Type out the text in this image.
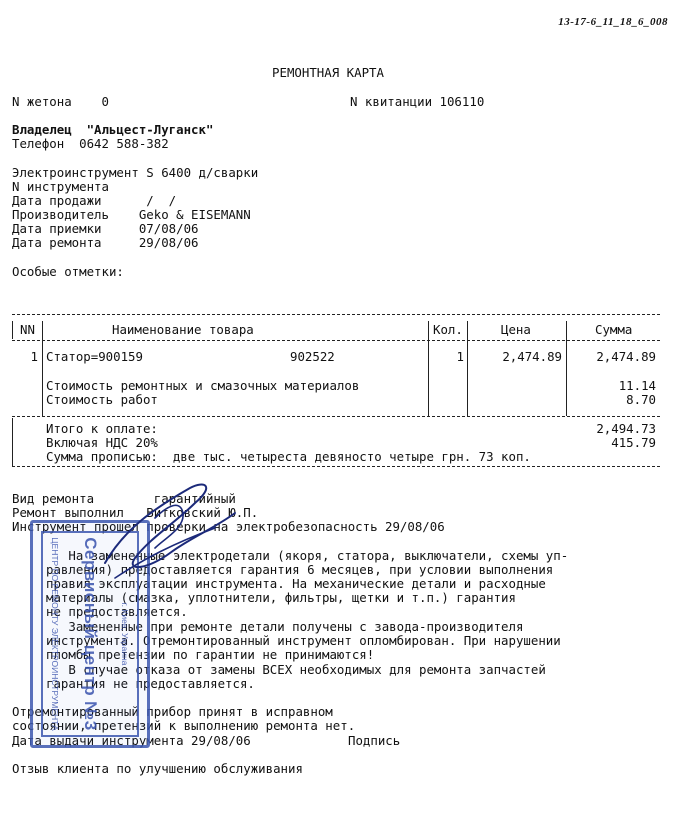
13-17-6_11_18_6_008
РЕМОНТНАЯ КАРТА
N жетона    0	N квитанции 106110
Владелец  "Альцест-Луганск"
Телефон  0642 588-382
Электроинструмент S 6400 д/сварки
N инструмента
Дата продажи      /  /
Производитель    Geko & EISEMANN
Дата приемки     07/08/06
Дата ремонта     29/08/06
Особые отметки:
NN	Наименование товара	Кол.	Цена	Сумма
1 Статор=900159	902522	1	2,474.89	2,474.89
Стоимость ремонтных и смазочных материалов	11.14
Стоимость работ	8.70
Итого к оплате:	2,494.73
Включая НДС 20%	415.79
Сумма прописью:  две тыс. четыреста девяносто четыре грн. 73 коп.
Вид ремонта        гарантийный
Ремонт выполнил   Витковский Ю.П.
Инструмент прошел проверки на электробезопасность 29/08/06
На замененные электродетали (якоря, статора, выключатели, схемы уп-
равления) предоставляется гарантия 6 месяцев, при условии выполнения
правил эксплуатации инструмента. На механические детали и расходные
материалы (смазка, уплотнители, фильтры, щетки и т.п.) гарантия
не предоставляется.
Замененные при ремонте детали получены с завода-производителя
инструмента. Отремонтированный инструмент опломбирован. При нарушении
пломбы претензии по гарантии не принимаются!
В случае отказа от замены ВСЕХ необходимых для ремонта запчастей
гарантия не предоставляется.
Отремонтированный прибор принят в исправном
состоянии, претензий к выполнению ремонта нет.
Дата выдачи инструмента 29/08/06	Подпись
Отзыв клиента по улучшению обслуживания
ЦЕНТР ПО РЕМОНТУ ЭЛЕКТРОИНСТРУМЕНТА Сервисный центр №3 г. Киев, Украина
